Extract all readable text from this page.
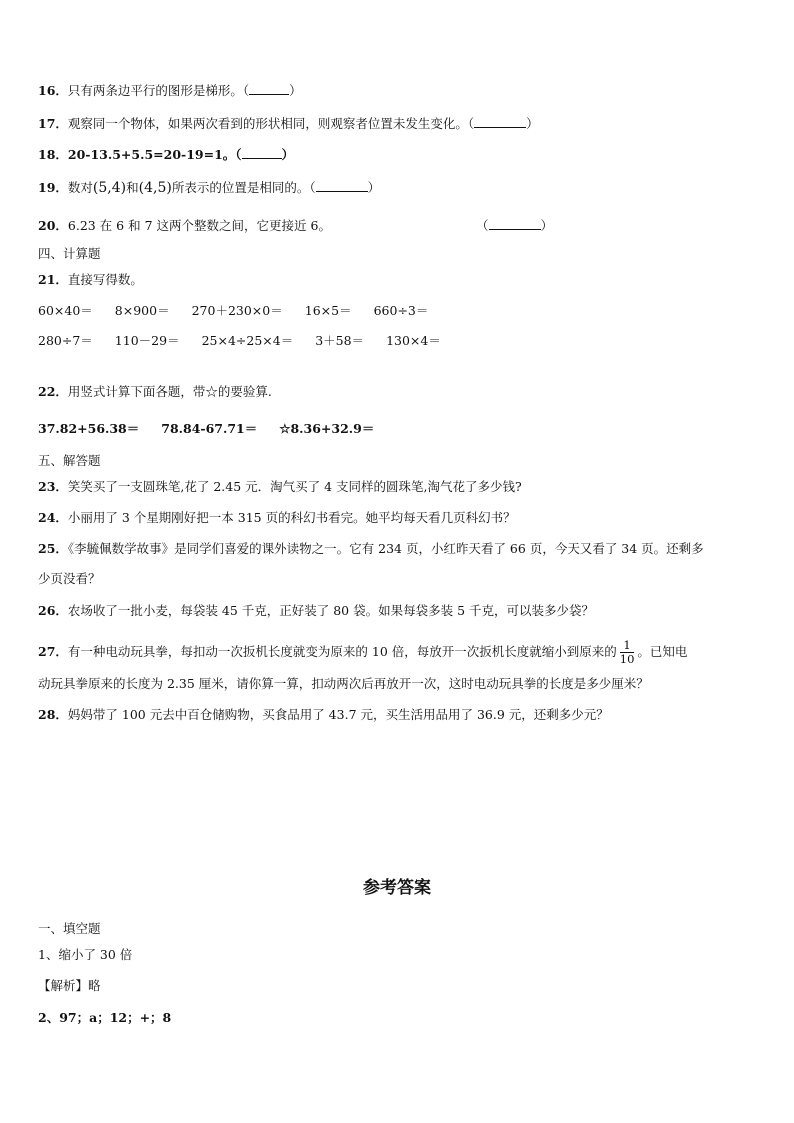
16．只有两条边平行的图形是梯形。（	）
17．观察同一个物体，如果两次看到的形状相同，则观察者位置未发生变化。（	）
18．20-13.5+5.5=20-19=1。（	）
19．数对(5,4)和(4,5)所表示的位置是相同的。（	）
20．6.23 在 6 和 7 这两个整数之间，它更接近 6。	（	）
四、计算题
21．直接写得数。
60×40＝ 8×900＝ 270＋230×0＝ 16×5＝ 660÷3＝
280÷7＝ 110－29＝ 25×4÷25×4＝ 3＋58＝ 130×4＝
22．用竖式计算下面各题，带☆的要验算.
37.82+56.38＝ 78.84-67.71＝ ☆8.36+32.9＝
五、解答题
23．笑笑买了一支圆珠笔,花了 2.45 元．淘气买了 4 支同样的圆珠笔,淘气花了多少钱?
24．小丽用了 3 个星期刚好把一本 315 页的科幻书看完。她平均每天看几页科幻书？
25．《李毓佩数学故事》是同学们喜爱的课外读物之一。它有 234 页，小红昨天看了 66 页，今天又看了 34 页。还剩多
少页没看？
26．农场收了一批小麦，每袋装 45 千克，正好装了 80 袋。如果每袋多装 5 千克，可以装多少袋？
27．有一种电动玩具拳，每扣动一次扳机长度就变为原来的 10 倍，每放开一次扳机长度就缩小到原来的 $\frac{1}{10}$ 。已知电
动玩具拳原来的长度为 2.35 厘米，请你算一算，扣动两次后再放开一次，这时电动玩具拳的长度是多少厘米？
28．妈妈带了 100 元去中百仓储购物，买食品用了 43.7 元，买生活用品用了 36.9 元，还剩多少元？
参考答案
一、填空题
1、缩小了 30 倍
【解析】略
2、97；a；12；+；8
